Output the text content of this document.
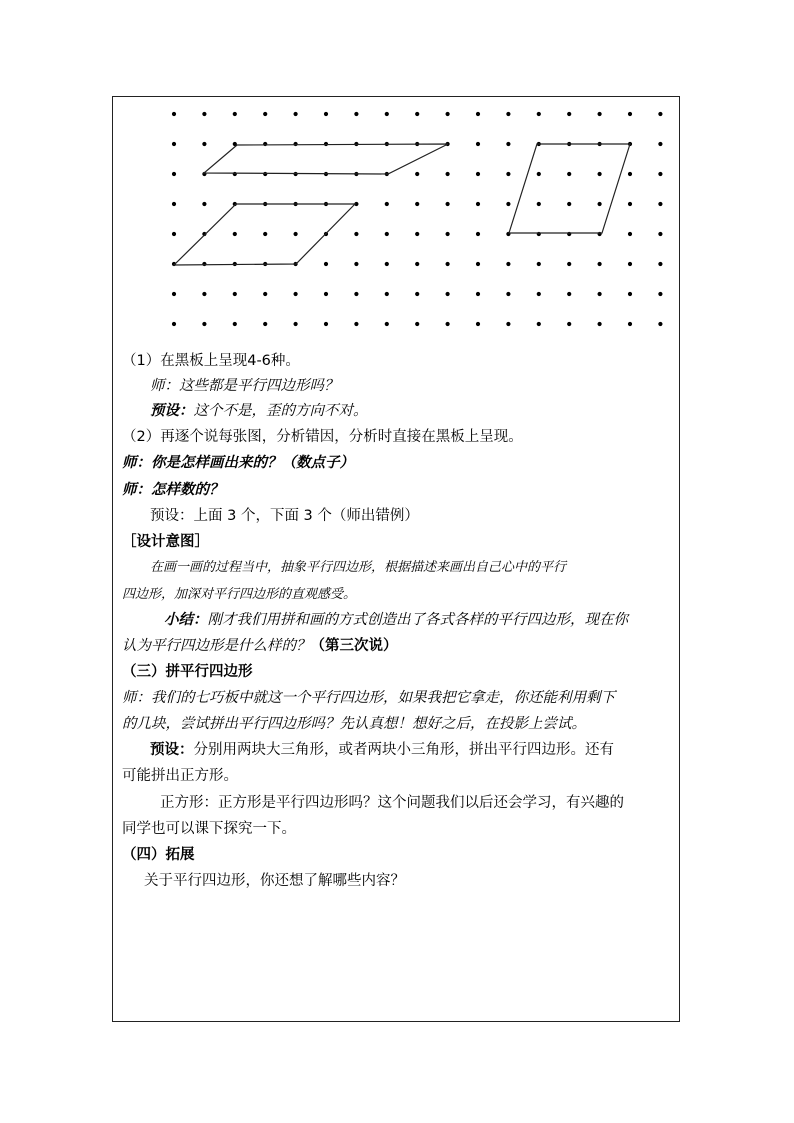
（1）在黑板上呈现4-6种。
师：这些都是平行四边形吗？
预设：这个不是，歪的方向不对。
（2）再逐个说每张图，分析错因，分析时直接在黑板上呈现。
师：你是怎样画出来的？（数点子）
师：怎样数的？
预设：上面 3 个，下面 3 个（师出错例）
［设计意图］
在画一画的过程当中，抽象平行四边形，根据描述来画出自己心中的平行
四边形，加深对平行四边形的直观感受。
小结：刚才我们用拼和画的方式创造出了各式各样的平行四边形，现在你
认为平行四边形是什么样的？（第三次说）
（三）拼平行四边形
师：我们的七巧板中就这一个平行四边形，如果我把它拿走，你还能利用剩下
的几块，尝试拼出平行四边形吗？先认真想！想好之后，在投影上尝试。
预设：分别用两块大三角形，或者两块小三角形，拼出平行四边形。还有
可能拼出正方形。
正方形：正方形是平行四边形吗？这个问题我们以后还会学习，有兴趣的
同学也可以课下探究一下。
（四）拓展
关于平行四边形，你还想了解哪些内容？
